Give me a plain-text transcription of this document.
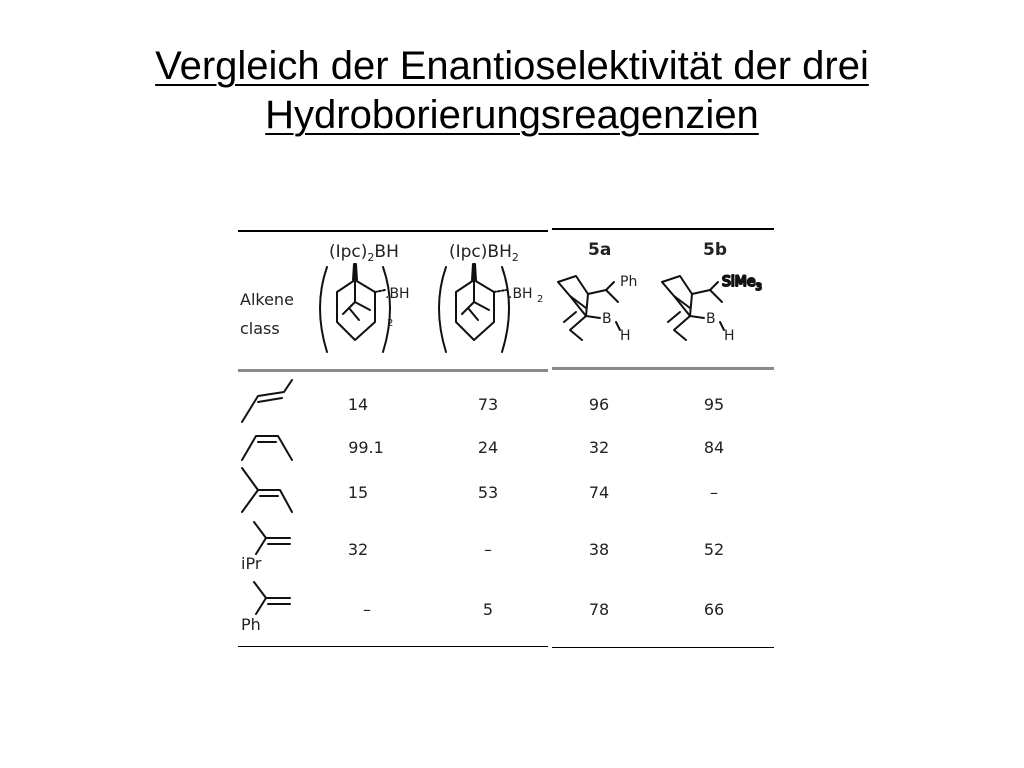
Vergleich der Enantioselektivität der drei
Hydroborierungsreagenzien
Alkene
class
$(Ipc)_2BH$	$(Ipc)BH_2$	5a	5b
.BH
2
.BH 2
Ph
B
H
SiMe$_3$
B
H
iPr
Ph
14	73	96	95
99.1	24	32	84
15	53	74	–
32	–	38	52
–	5	78	66
